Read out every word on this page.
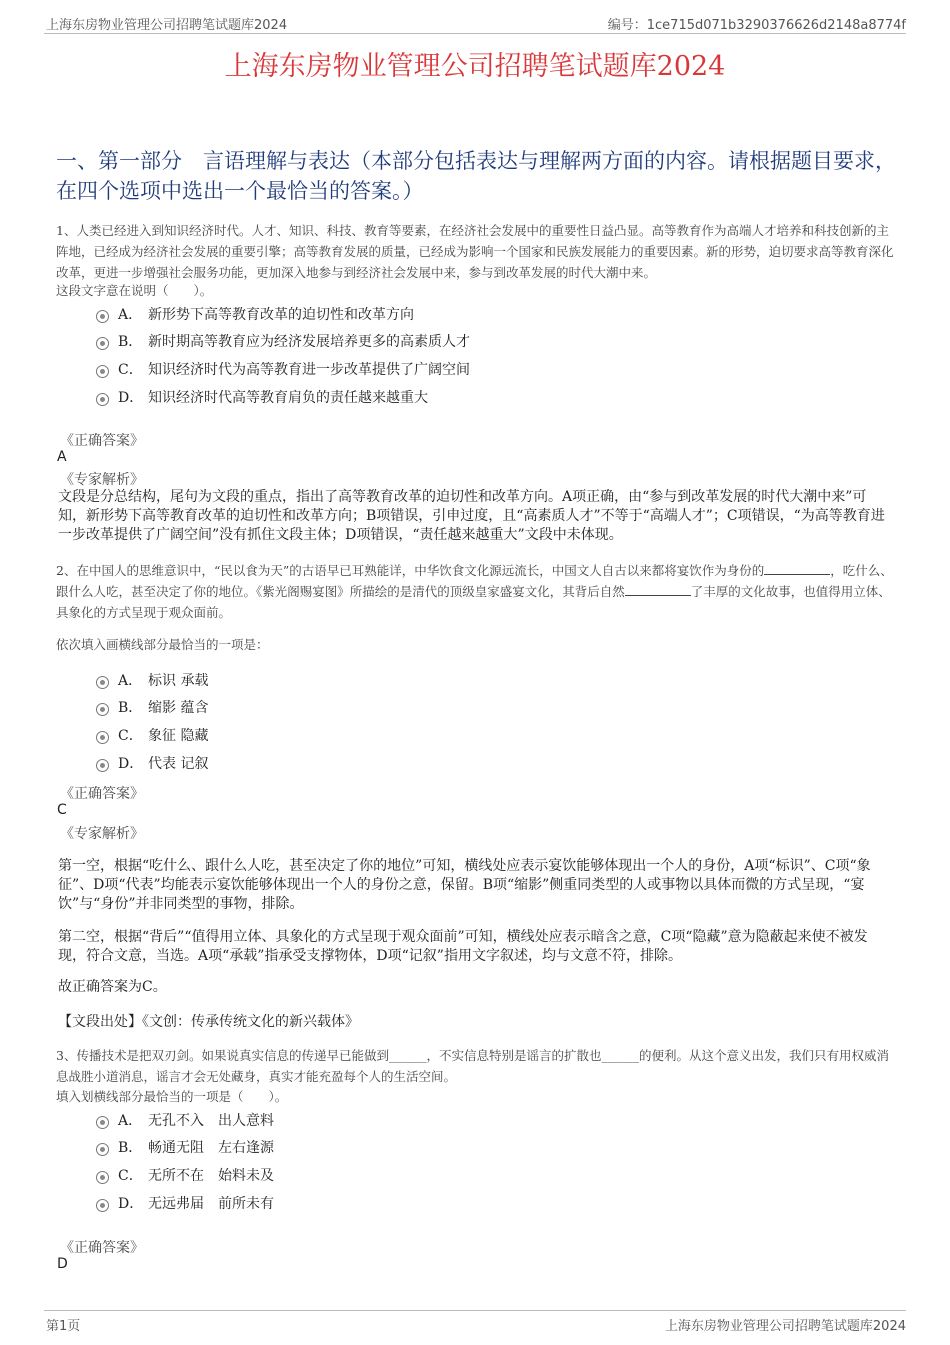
上海东房物业管理公司招聘笔试题库2024	编号：1ce715d071b3290376626d2148a8774f
上海东房物业管理公司招聘笔试题库2024
一、第一部分　言语理解与表达（本部分包括表达与理解两方面的内容。请根据题目要求，在四个选项中选出一个最恰当的答案。）
1、人类已经进入到知识经济时代。人才、知识、科技、教育等要素，在经济社会发展中的重要性日益凸显。高等教育作为高端人才培养和科技创新的主阵地，已经成为经济社会发展的重要引擎；高等教育发展的质量，已经成为影响一个国家和民族发展能力的重要因素。新的形势，迫切要求高等教育深化改革，更进一步增强社会服务功能，更加深入地参与到经济社会发展中来，参与到改革发展的时代大潮中来。
这段文字意在说明（　　）。
A． 新形势下高等教育改革的迫切性和改革方向
B． 新时期高等教育应为经济发展培养更多的高素质人才
C． 知识经济时代为高等教育进一步改革提供了广阔空间
D． 知识经济时代高等教育肩负的责任越来越重大
《正确答案》
A
《专家解析》
文段是分总结构，尾句为文段的重点，指出了高等教育改革的迫切性和改革方向。A项正确，由“参与到改革发展的时代大潮中来”可知，新形势下高等教育改革的迫切性和改革方向；B项错误，引申过度，且“高素质人才”不等于“高端人才”；C项错误，“为高等教育进一步改革提供了广阔空间”没有抓住文段主体；D项错误，“责任越来越重大”文段中未体现。
2、在中国人的思维意识中，“民以食为天”的古语早已耳熟能详，中华饮食文化源远流长，中国文人自古以来都将宴饮作为身份的	，吃什么、跟什么人吃，甚至决定了你的地位。《紫光阁赐宴图》所描绘的是清代的顶级皇家盛宴文化，其背后自然	了丰厚的文化故事，也值得用立体、具象化的方式呈现于观众面前。
依次填入画横线部分最恰当的一项是：
A． 标识 承载
B． 缩影 蕴含
C． 象征 隐藏
D． 代表 记叙
《正确答案》
C
《专家解析》
第一空，根据“吃什么、跟什么人吃，甚至决定了你的地位”可知，横线处应表示宴饮能够体现出一个人的身份，A项“标识”、C项“象征”、D项“代表”均能表示宴饮能够体现出一个人的身份之意，保留。B项“缩影”侧重同类型的人或事物以具体而微的方式呈现，“宴饮”与“身份”并非同类型的事物，排除。
第二空，根据“背后”“值得用立体、具象化的方式呈现于观众面前”可知，横线处应表示暗含之意，C项“隐藏”意为隐蔽起来使不被发现，符合文意，当选。A项“承载”指承受支撑物体，D项“记叙”指用文字叙述，均与文意不符，排除。
故正确答案为C。
【文段出处】《文创：传承传统文化的新兴载体》
3、传播技术是把双刃剑。如果说真实信息的传递早已能做到______，不实信息特别是谣言的扩散也______的便利。从这个意义出发，我们只有用权威消息战胜小道消息，谣言才会无处藏身，真实才能充盈每个人的生活空间。
填入划横线部分最恰当的一项是（　　）。
A． 无孔不入　出人意料
B． 畅通无阻　左右逢源
C． 无所不在　始料未及
D． 无远弗届　前所未有
《正确答案》
D
第1页	上海东房物业管理公司招聘笔试题库2024
